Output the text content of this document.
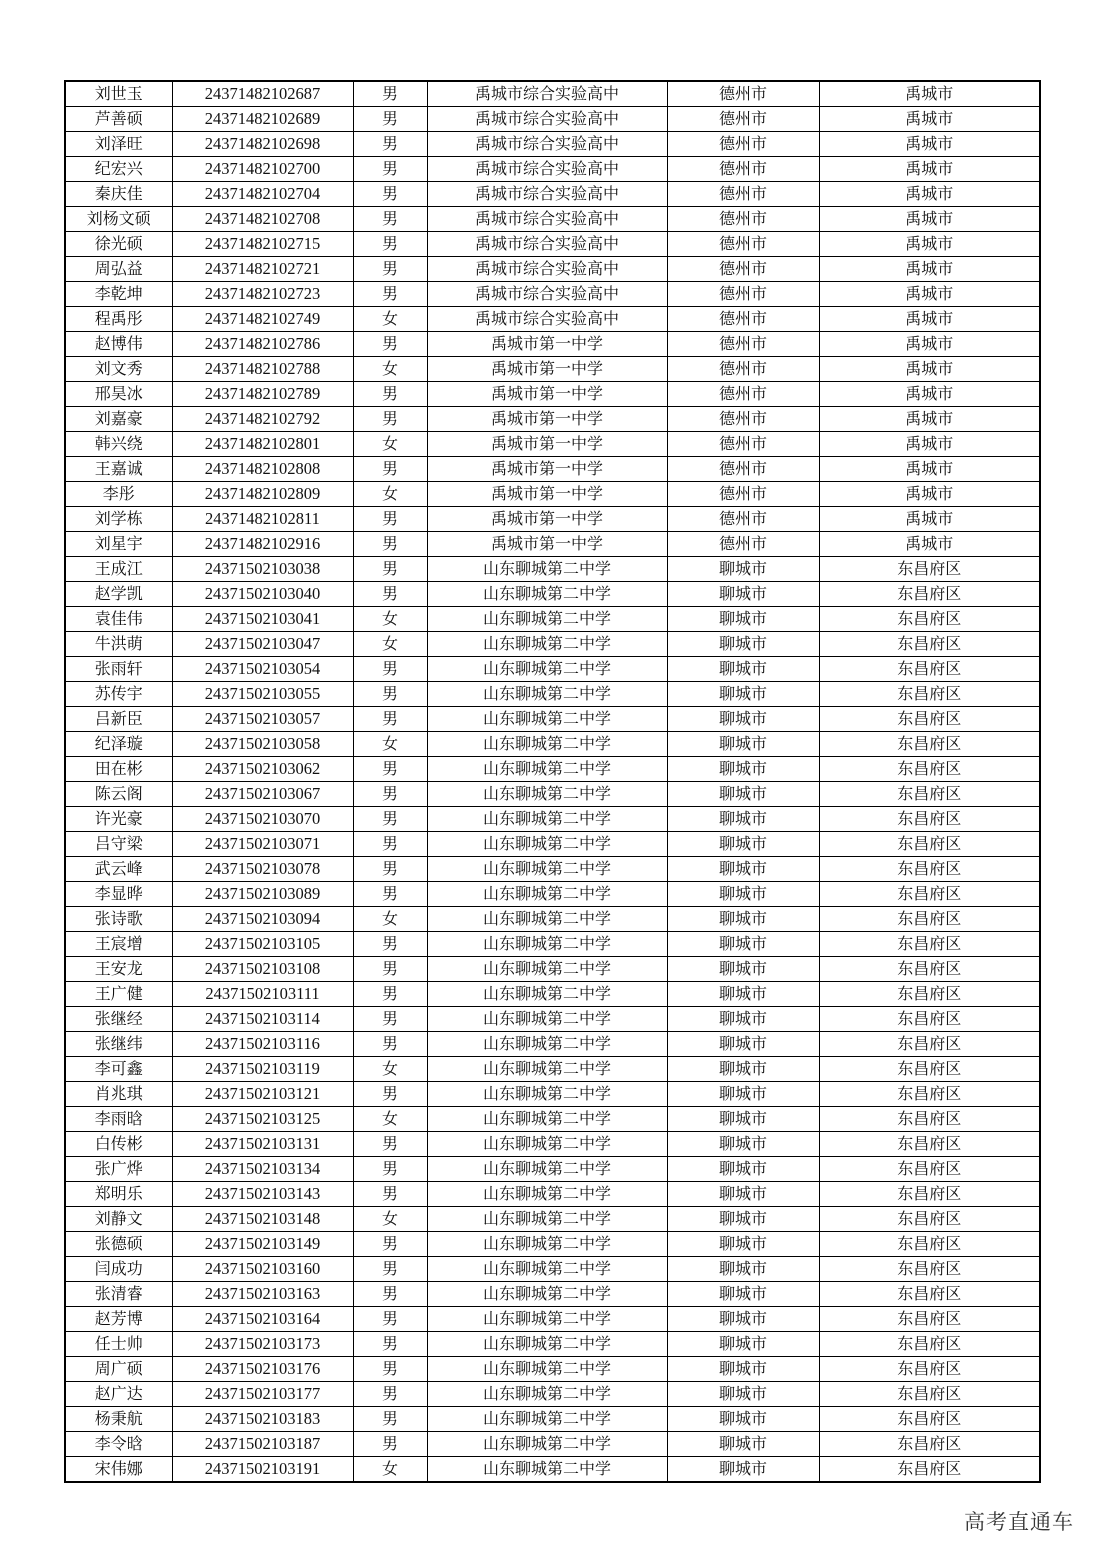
刘世玉	24371482102687	男	禹城市综合实验高中	德州市	禹城市
芦善硕	24371482102689	男	禹城市综合实验高中	德州市	禹城市
刘泽旺	24371482102698	男	禹城市综合实验高中	德州市	禹城市
纪宏兴	24371482102700	男	禹城市综合实验高中	德州市	禹城市
秦庆佳	24371482102704	男	禹城市综合实验高中	德州市	禹城市
刘杨文硕	24371482102708	男	禹城市综合实验高中	德州市	禹城市
徐光硕	24371482102715	男	禹城市综合实验高中	德州市	禹城市
周弘益	24371482102721	男	禹城市综合实验高中	德州市	禹城市
李乾坤	24371482102723	男	禹城市综合实验高中	德州市	禹城市
程禹彤	24371482102749	女	禹城市综合实验高中	德州市	禹城市
赵博伟	24371482102786	男	禹城市第一中学	德州市	禹城市
刘文秀	24371482102788	女	禹城市第一中学	德州市	禹城市
邢昊冰	24371482102789	男	禹城市第一中学	德州市	禹城市
刘嘉豪	24371482102792	男	禹城市第一中学	德州市	禹城市
韩兴绕	24371482102801	女	禹城市第一中学	德州市	禹城市
王嘉诚	24371482102808	男	禹城市第一中学	德州市	禹城市
李彤	24371482102809	女	禹城市第一中学	德州市	禹城市
刘学栋	24371482102811	男	禹城市第一中学	德州市	禹城市
刘星宇	24371482102916	男	禹城市第一中学	德州市	禹城市
王成江	24371502103038	男	山东聊城第二中学	聊城市	东昌府区
赵学凯	24371502103040	男	山东聊城第二中学	聊城市	东昌府区
袁佳伟	24371502103041	女	山东聊城第二中学	聊城市	东昌府区
牛洪萌	24371502103047	女	山东聊城第二中学	聊城市	东昌府区
张雨轩	24371502103054	男	山东聊城第二中学	聊城市	东昌府区
苏传宇	24371502103055	男	山东聊城第二中学	聊城市	东昌府区
吕新臣	24371502103057	男	山东聊城第二中学	聊城市	东昌府区
纪泽璇	24371502103058	女	山东聊城第二中学	聊城市	东昌府区
田在彬	24371502103062	男	山东聊城第二中学	聊城市	东昌府区
陈云阁	24371502103067	男	山东聊城第二中学	聊城市	东昌府区
许光豪	24371502103070	男	山东聊城第二中学	聊城市	东昌府区
吕守梁	24371502103071	男	山东聊城第二中学	聊城市	东昌府区
武云峰	24371502103078	男	山东聊城第二中学	聊城市	东昌府区
李显晔	24371502103089	男	山东聊城第二中学	聊城市	东昌府区
张诗歌	24371502103094	女	山东聊城第二中学	聊城市	东昌府区
王宸增	24371502103105	男	山东聊城第二中学	聊城市	东昌府区
王安龙	24371502103108	男	山东聊城第二中学	聊城市	东昌府区
王广健	24371502103111	男	山东聊城第二中学	聊城市	东昌府区
张继经	24371502103114	男	山东聊城第二中学	聊城市	东昌府区
张继纬	24371502103116	男	山东聊城第二中学	聊城市	东昌府区
李可鑫	24371502103119	女	山东聊城第二中学	聊城市	东昌府区
肖兆琪	24371502103121	男	山东聊城第二中学	聊城市	东昌府区
李雨晗	24371502103125	女	山东聊城第二中学	聊城市	东昌府区
白传彬	24371502103131	男	山东聊城第二中学	聊城市	东昌府区
张广烨	24371502103134	男	山东聊城第二中学	聊城市	东昌府区
郑明乐	24371502103143	男	山东聊城第二中学	聊城市	东昌府区
刘静文	24371502103148	女	山东聊城第二中学	聊城市	东昌府区
张德硕	24371502103149	男	山东聊城第二中学	聊城市	东昌府区
闫成功	24371502103160	男	山东聊城第二中学	聊城市	东昌府区
张清睿	24371502103163	男	山东聊城第二中学	聊城市	东昌府区
赵芳博	24371502103164	男	山东聊城第二中学	聊城市	东昌府区
任士帅	24371502103173	男	山东聊城第二中学	聊城市	东昌府区
周广硕	24371502103176	男	山东聊城第二中学	聊城市	东昌府区
赵广达	24371502103177	男	山东聊城第二中学	聊城市	东昌府区
杨秉航	24371502103183	男	山东聊城第二中学	聊城市	东昌府区
李令晗	24371502103187	男	山东聊城第二中学	聊城市	东昌府区
宋伟娜	24371502103191	女	山东聊城第二中学	聊城市	东昌府区
高考直通车
